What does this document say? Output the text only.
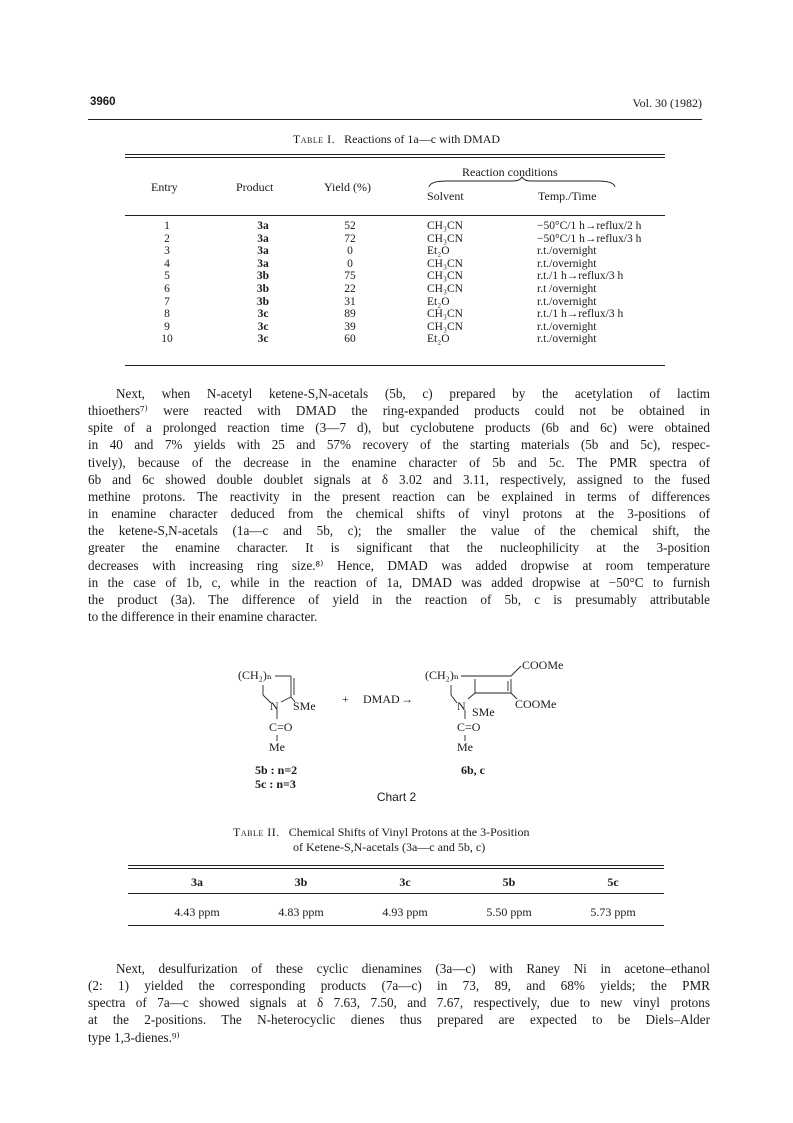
3960	Vol. 30 (1982)
Table I. Reactions of 1a—c with DMAD
Entry	Product	Yield (%)
Reaction conditions
Solvent	Temp./Time
1	3a	52	CH₃CN	−50°C/1 h→reflux/2 h
2	3a	72	CH₃CN	−50°C/1 h→reflux/3 h
3	3a	0	Et₂O	r.t./overnight
4	3a	0	CH₃CN	r.t./overnight
5	3b	75	CH₃CN	r.t./1 h→reflux/3 h
6	3b	22	CH₃CN	r.t /overnight
7	3b	31	Et₂O	r.t./overnight
8	3c	89	CH₃CN	r.t./1 h→reflux/3 h
9	3c	39	CH₃CN	r.t./overnight
10	3c	60	Et₂O	r.t./overnight
Next, when N-acetyl ketene-S,N-acetals (5b, c) prepared by the acetylation of lactim
thioethers⁷⁾ were reacted with DMAD the ring-expanded products could not be obtained in
spite of a prolonged reaction time (3—7 d), but cyclobutene products (6b and 6c) were obtained
in 40 and 7% yields with 25 and 57% recovery of the starting materials (5b and 5c), respec-
tively), because of the decrease in the enamine character of 5b and 5c. The PMR spectra of
6b and 6c showed double doublet signals at δ 3.02 and 3.11, respectively, assigned to the fused
methine protons. The reactivity in the present reaction can be explained in terms of differences
in enamine character deduced from the chemical shifts of vinyl protons at the 3-positions of
the ketene-S,N-acetals (1a—c and 5b, c); the smaller the value of the chemical shift, the
greater the enamine character. It is significant that the nucleophilicity at the 3-position
decreases with increasing ring size.⁸⁾ Hence, DMAD was added dropwise at room temperature
in the case of 1b, c, while in the reaction of 1a, DMAD was added dropwise at −50°C to furnish
the product (3a). The difference of yield in the reaction of 5b, c is presumably attributable
to the difference in their enamine character.
(CH₂)ₙ
N SMe
C=O
Me
+ DMAD →
(CH₂)ₙ
COOMe
N SMe
COOMe
C=O
Me
5b : n=2
5c : n=3
6b, c
Chart 2
Table II. Chemical Shifts of Vinyl Protons at the 3-Position
of Ketene-S,N-acetals (3a—c and 5b, c)
3a	3b	3c	5b	5c
4.43 ppm	4.83 ppm	4.93 ppm	5.50 ppm	5.73 ppm
Next, desulfurization of these cyclic dienamines (3a—c) with Raney Ni in acetone–ethanol
(2: 1) yielded the corresponding products (7a—c) in 73, 89, and 68% yields; the PMR
spectra of 7a—c showed signals at δ 7.63, 7.50, and 7.67, respectively, due to new vinyl protons
at the 2-positions. The N-heterocyclic dienes thus prepared are expected to be Diels–Alder
type 1,3-dienes.⁹⁾
